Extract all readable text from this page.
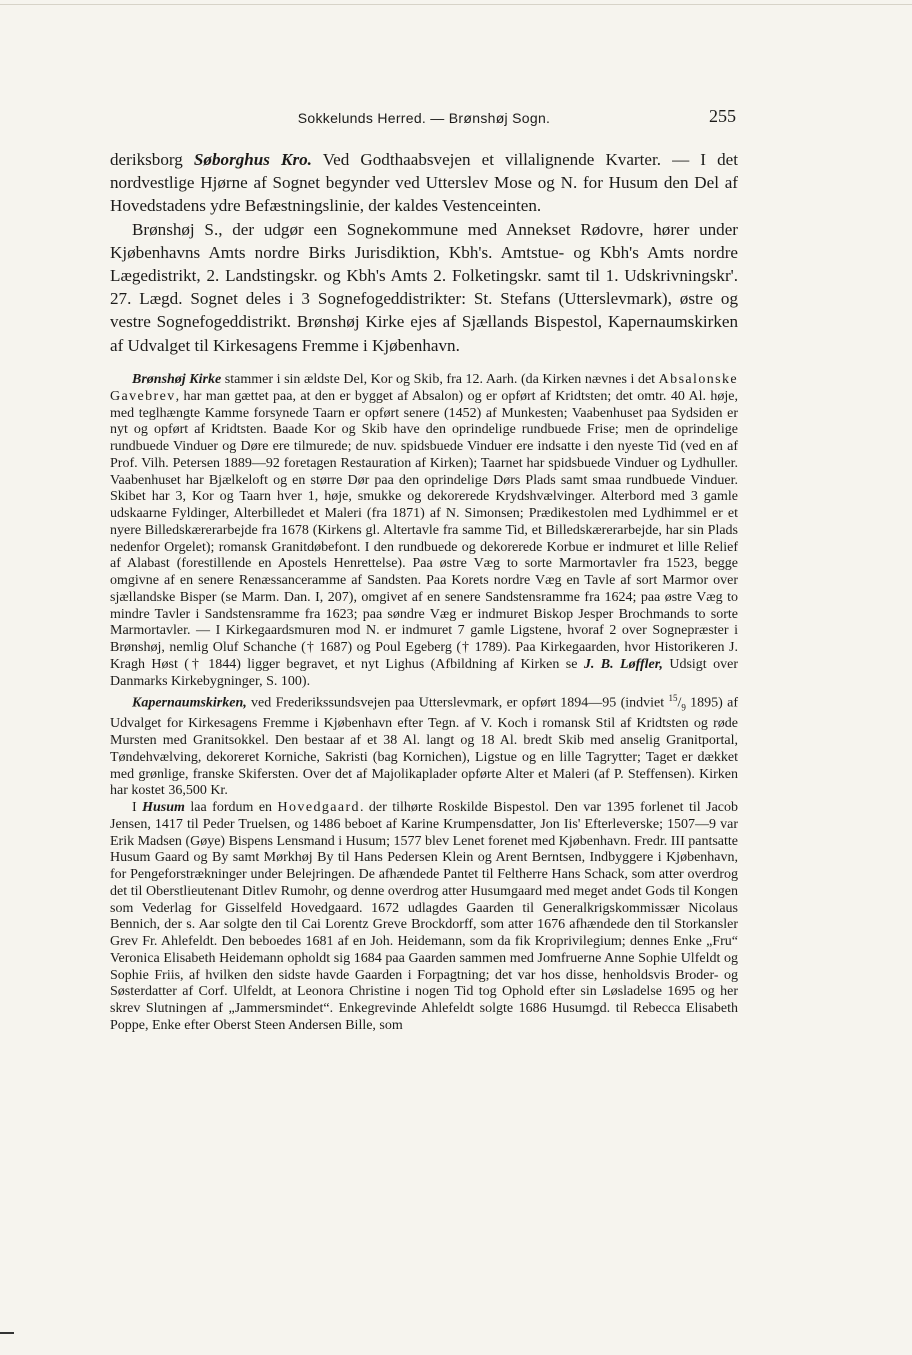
Sokkelunds Herred. — Brønshøj Sogn.	255

deriksborg Søborghus Kro. Ved Godthaabsvejen et villalignende Kvarter. — I det nordvestlige Hjørne af Sognet begynder ved Utterslev Mose og N. for Husum den Del af Hovedstadens ydre Befæstningslinie, der kaldes Vestenceinten.

Brønshøj S., der udgør een Sognekommune med Annekset Rødovre, hører under Kjøbenhavns Amts nordre Birks Jurisdiktion, Kbh's. Amtstue- og Kbh's Amts nordre Lægedistrikt, 2. Landstingskr. og Kbh's Amts 2. Folketingskr. samt til 1. Udskrivningskr'. 27. Lægd. Sognet deles i 3 Sognefogeddistrikter: St. Stefans (Utterslevmark), østre og vestre Sognefogeddistrikt. Brønshøj Kirke ejes af Sjællands Bispestol, Kapernaumskirken af Udvalget til Kirkesagens Fremme i Kjøbenhavn.

Brønshøj Kirke stammer i sin ældste Del, Kor og Skib, fra 12. Aarh. (da Kirken nævnes i det Absalonske Gavebrev, har man gættet paa, at den er bygget af Absalon) og er opført af Kridtsten; det omtr. 40 Al. høje, med teglhængte Kamme forsynede Taarn er opført senere (1452) af Munkesten; Vaabenhuset paa Sydsiden er nyt og opført af Kridtsten. Baade Kor og Skib have den oprindelige rundbuede Frise; men de oprindelige rundbuede Vinduer og Døre ere tilmurede; de nuv. spidsbuede Vinduer ere indsatte i den nyeste Tid (ved en af Prof. Vilh. Petersen 1889—92 foretagen Restauration af Kirken); Taarnet har spidsbuede Vinduer og Lydhuller. Vaabenhuset har Bjælkeloft og en større Dør paa den oprindelige Dørs Plads samt smaa rundbuede Vinduer. Skibet har 3, Kor og Taarn hver 1, høje, smukke og dekorerede Krydshvælvinger. Alterbord med 3 gamle udskaarne Fyldinger, Alterbilledet et Maleri (fra 1871) af N. Simonsen; Prædikestolen med Lydhimmel er et nyere Billedskærerarbejde fra 1678 (Kirkens gl. Altertavle fra samme Tid, et Billedskærerarbejde, har sin Plads nedenfor Orgelet); romansk Granitdøbefont. I den rundbuede og dekorerede Korbue er indmuret et lille Relief af Alabast (forestillende en Apostels Henrettelse). Paa østre Væg to sorte Marmortavler fra 1523, begge omgivne af en senere Renæssanceramme af Sandsten. Paa Korets nordre Væg en Tavle af sort Marmor over sjællandske Bisper (se Marm. Dan. I, 207), omgivet af en senere Sandstensramme fra 1624; paa østre Væg to mindre Tavler i Sandstensramme fra 1623; paa søndre Væg er indmuret Biskop Jesper Brochmands to sorte Marmortavler. — I Kirkegaardsmuren mod N. er indmuret 7 gamle Ligstene, hvoraf 2 over Sognepræster i Brønshøj, nemlig Oluf Schanche († 1687) og Poul Egeberg († 1789). Paa Kirkegaarden, hvor Historikeren J. Kragh Høst († 1844) ligger begravet, et nyt Lighus (Afbildning af Kirken se J. B. Løffler, Udsigt over Danmarks Kirkebygninger, S. 100).

Kapernaumskirken, ved Frederikssundsvejen paa Utterslevmark, er opført 1894—95 (indviet $^{15}/_9$ 1895) af Udvalget for Kirkesagens Fremme i Kjøbenhavn efter Tegn. af V. Koch i romansk Stil af Kridtsten og røde Mursten med Granitsokkel. Den bestaar af et 38 Al. langt og 18 Al. bredt Skib med anselig Granitportal, Tøndehvælving, dekoreret Korniche, Sakristi (bag Kornichen), Ligstue og en lille Tagrytter; Taget er dækket med grønlige, franske Skifersten. Over det af Majolikaplader opførte Alter et Maleri (af P. Steffensen). Kirken har kostet 36,500 Kr.

I Husum laa fordum en Hovedgaard. der tilhørte Roskilde Bispestol. Den var 1395 forlenet til Jacob Jensen, 1417 til Peder Truelsen, og 1486 beboet af Karine Krumpensdatter, Jon Iis' Efterleverske; 1507—9 var Erik Madsen (Gøye) Bispens Lensmand i Husum; 1577 blev Lenet forenet med Kjøbenhavn. Fredr. III pantsatte Husum Gaard og By samt Mørkhøj By til Hans Pedersen Klein og Arent Berntsen, Indbyggere i Kjøbenhavn, for Pengeforstrækninger under Belejringen. De afhændede Pantet til Feltherre Hans Schack, som atter overdrog det til Oberstlieutenant Ditlev Rumohr, og denne overdrog atter Husumgaard med meget andet Gods til Kongen som Vederlag for Gisselfeld Hovedgaard. 1672 udlagdes Gaarden til Generalkrigskommissær Nicolaus Bennich, der s. Aar solgte den til Cai Lorentz Greve Brockdorff, som atter 1676 afhændede den til Storkansler Grev Fr. Ahlefeldt. Den beboedes 1681 af en Joh. Heidemann, som da fik Kroprivilegium; dennes Enke „Fru“ Veronica Elisabeth Heidemann opholdt sig 1684 paa Gaarden sammen med Jomfruerne Anne Sophie Ulfeldt og Sophie Friis, af hvilken den sidste havde Gaarden i Forpagtning; det var hos disse, henholdsvis Broder- og Søsterdatter af Corf. Ulfeldt, at Leonora Christine i nogen Tid tog Ophold efter sin Løsladelse 1695 og her skrev Slutningen af „Jammersmindet“. Enkegrevinde Ahlefeldt solgte 1686 Husumgd. til Rebecca Elisabeth Poppe, Enke efter Oberst Steen Andersen Bille, som
